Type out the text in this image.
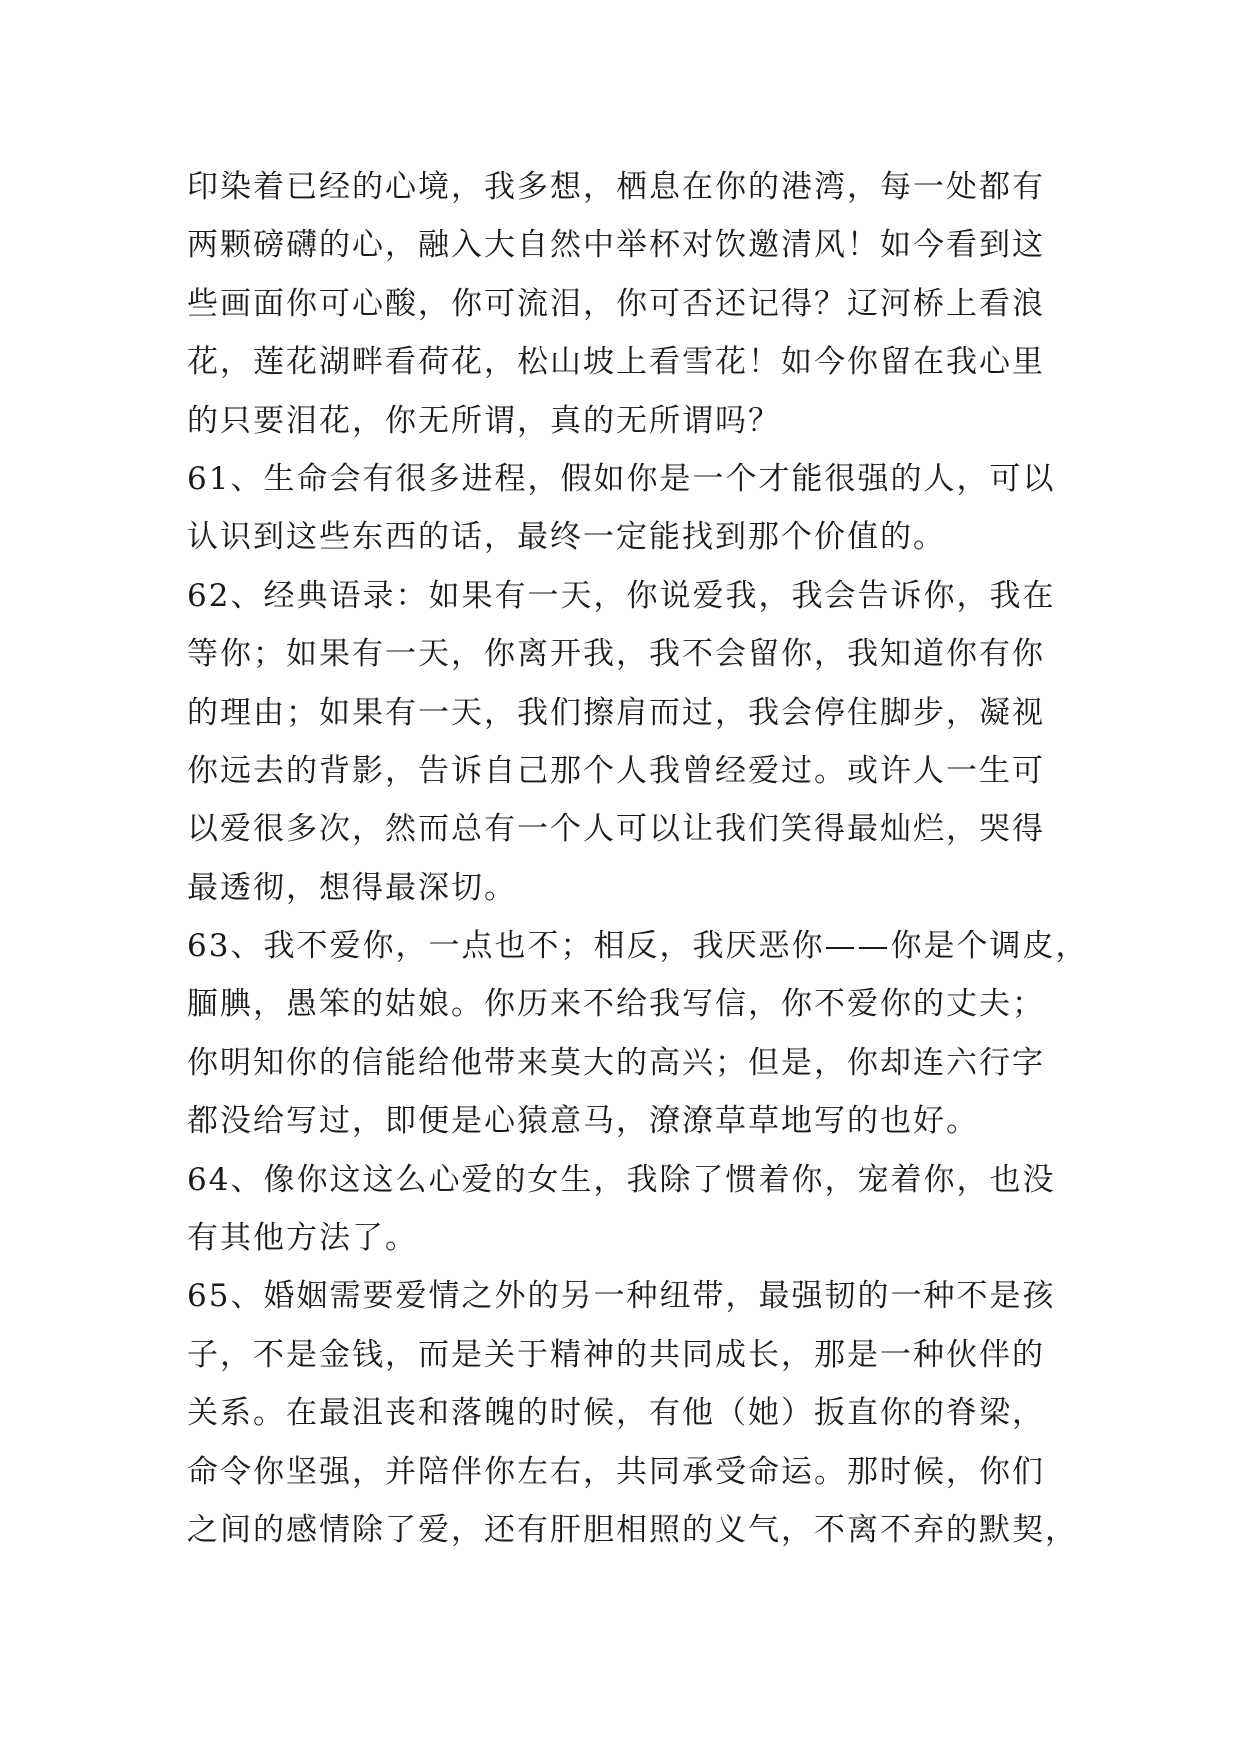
印染着已经的心境，我多想，栖息在你的港湾，每一处都有
两颗磅礴的心，融入大自然中举杯对饮邀清风！如今看到这
些画面你可心酸，你可流泪，你可否还记得？辽河桥上看浪
花，莲花湖畔看荷花，松山坡上看雪花！如今你留在我心里
的只要泪花，你无所谓，真的无所谓吗？
61、生命会有很多进程，假如你是一个才能很强的人，可以
认识到这些东西的话，最终一定能找到那个价值的。
62、经典语录：如果有一天，你说爱我，我会告诉你，我在
等你；如果有一天，你离开我，我不会留你，我知道你有你
的理由；如果有一天，我们擦肩而过，我会停住脚步，凝视
你远去的背影，告诉自己那个人我曾经爱过。或许人一生可
以爱很多次，然而总有一个人可以让我们笑得最灿烂，哭得
最透彻，想得最深切。
63、我不爱你，一点也不；相反，我厌恶你——你是个调皮，
腼腆，愚笨的姑娘。你历来不给我写信，你不爱你的丈夫；
你明知你的信能给他带来莫大的高兴；但是，你却连六行字
都没给写过，即便是心猿意马，潦潦草草地写的也好。
64、像你这这么心爱的女生，我除了惯着你，宠着你，也没
有其他方法了。
65、婚姻需要爱情之外的另一种纽带，最强韧的一种不是孩
子，不是金钱，而是关于精神的共同成长，那是一种伙伴的
关系。在最沮丧和落魄的时候，有他（她）扳直你的脊梁，
命令你坚强，并陪伴你左右，共同承受命运。那时候，你们
之间的感情除了爱，还有肝胆相照的义气，不离不弃的默契，
